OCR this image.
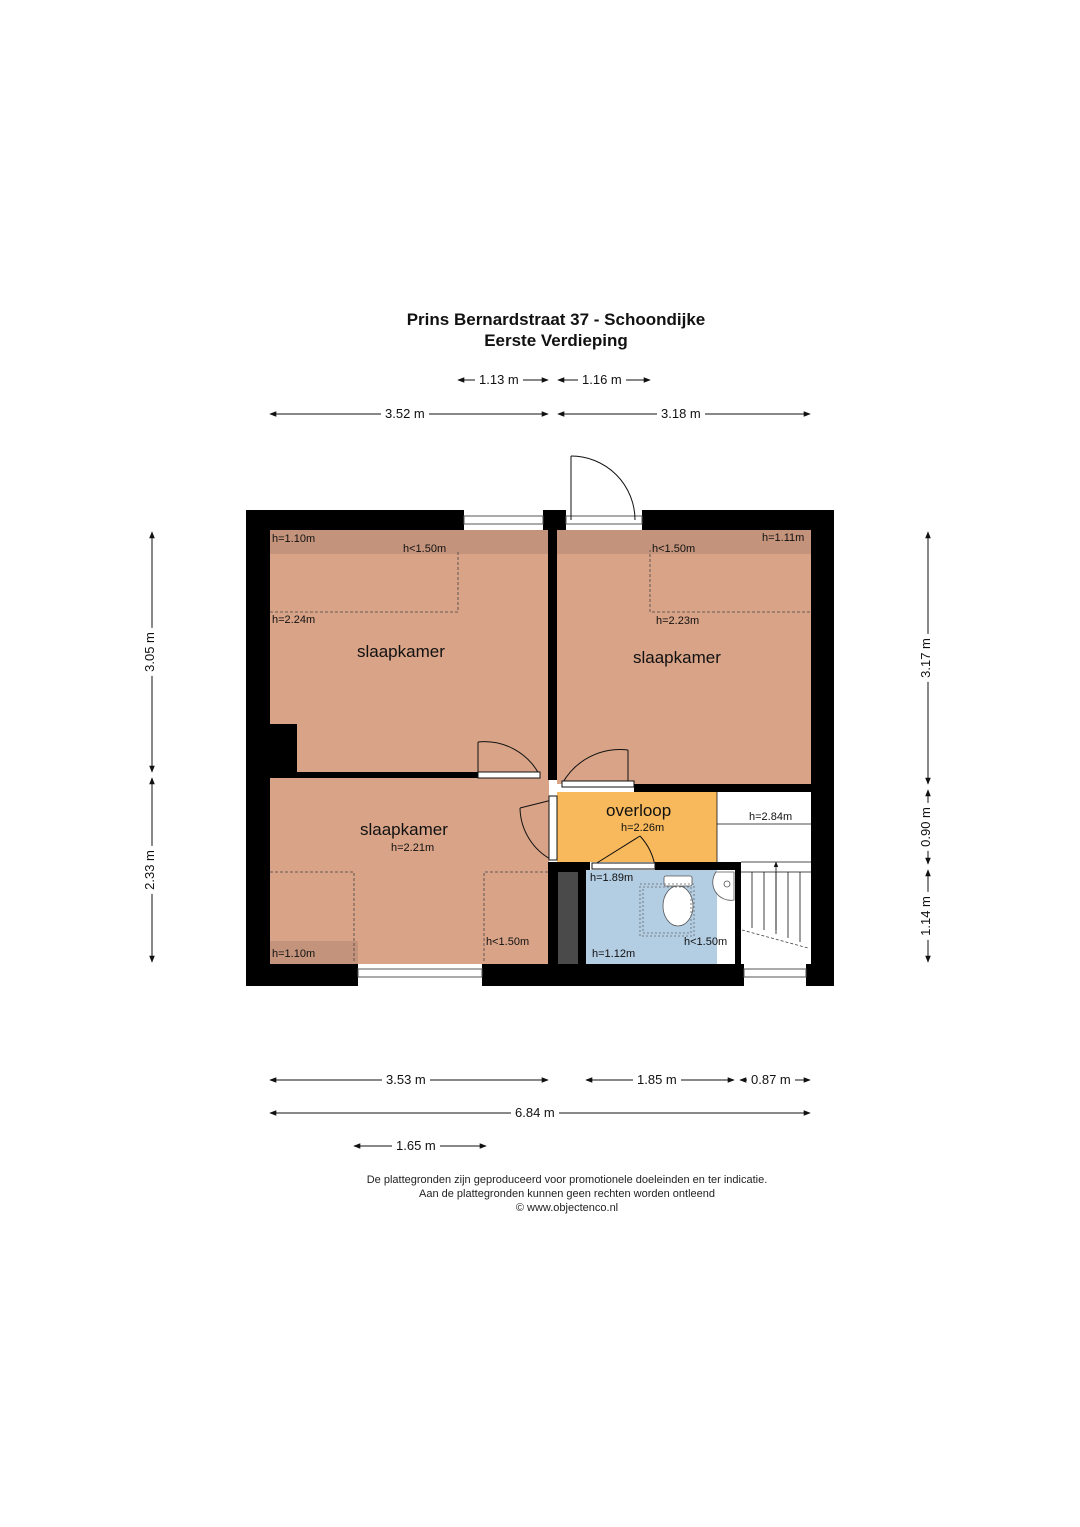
Prins Bernardstraat 37 - Schoondijke
Eerste Verdieping
1.13 m	1.16 m
3.52 m	3.18 m
3.05 m
2.33 m
3.17 m
0.90 m
1.14 m
3.53 m	1.85 m	0.87 m
6.84 m
1.65 m
slaapkamer
h=1.10m
h<1.50m
h=2.24m
slaapkamer
h<1.50m
h=1.11m
h=2.23m
slaapkamer
h=2.21m
h=1.10m
h<1.50m
overloop
h=2.26m
h=2.84m
h=1.89m
h=1.12m
h<1.50m
De plattegronden zijn geproduceerd voor promotionele doeleinden en ter indicatie.
Aan de plattegronden kunnen geen rechten worden ontleend
© www.objectenco.nl
